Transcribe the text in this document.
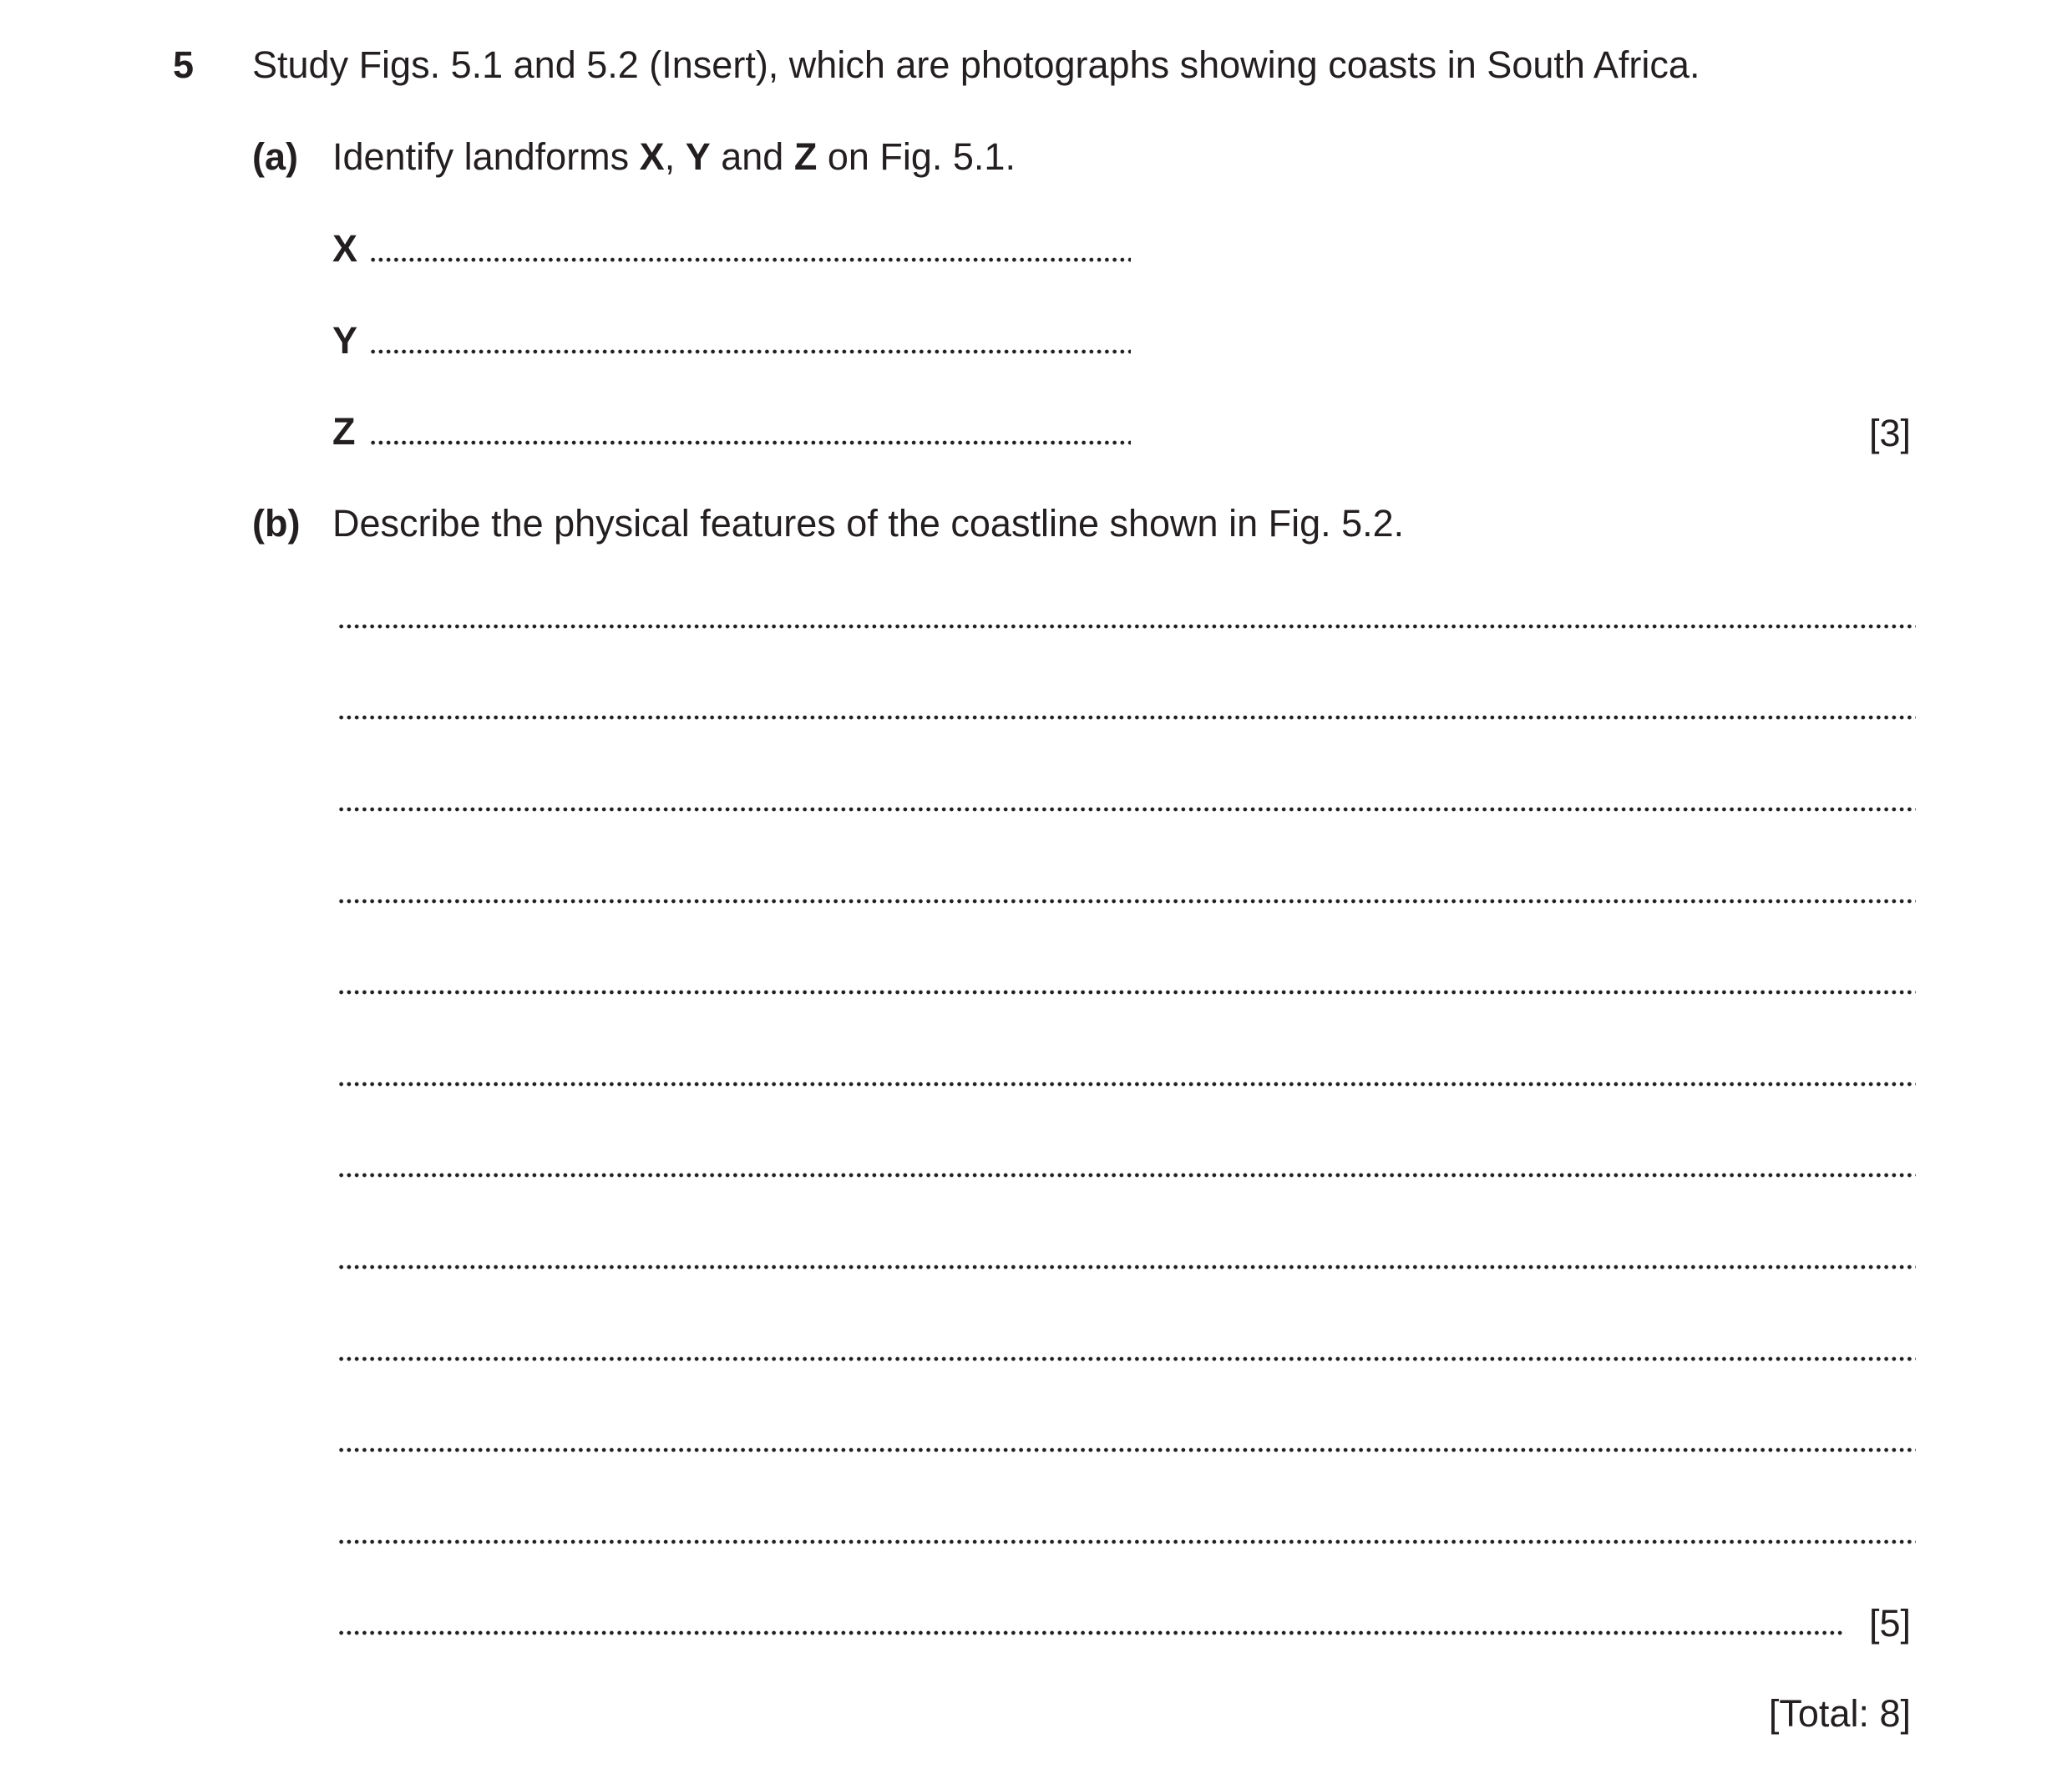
5 Study Figs. 5.1 and 5.2 (Insert), which are photographs showing coasts in South Africa.
(a) Identify landforms X, Y and Z on Fig. 5.1.
X
Y
Z	[3]
(b) Describe the physical features of the coastline shown in Fig. 5.2.
[5]
[Total: 8]
